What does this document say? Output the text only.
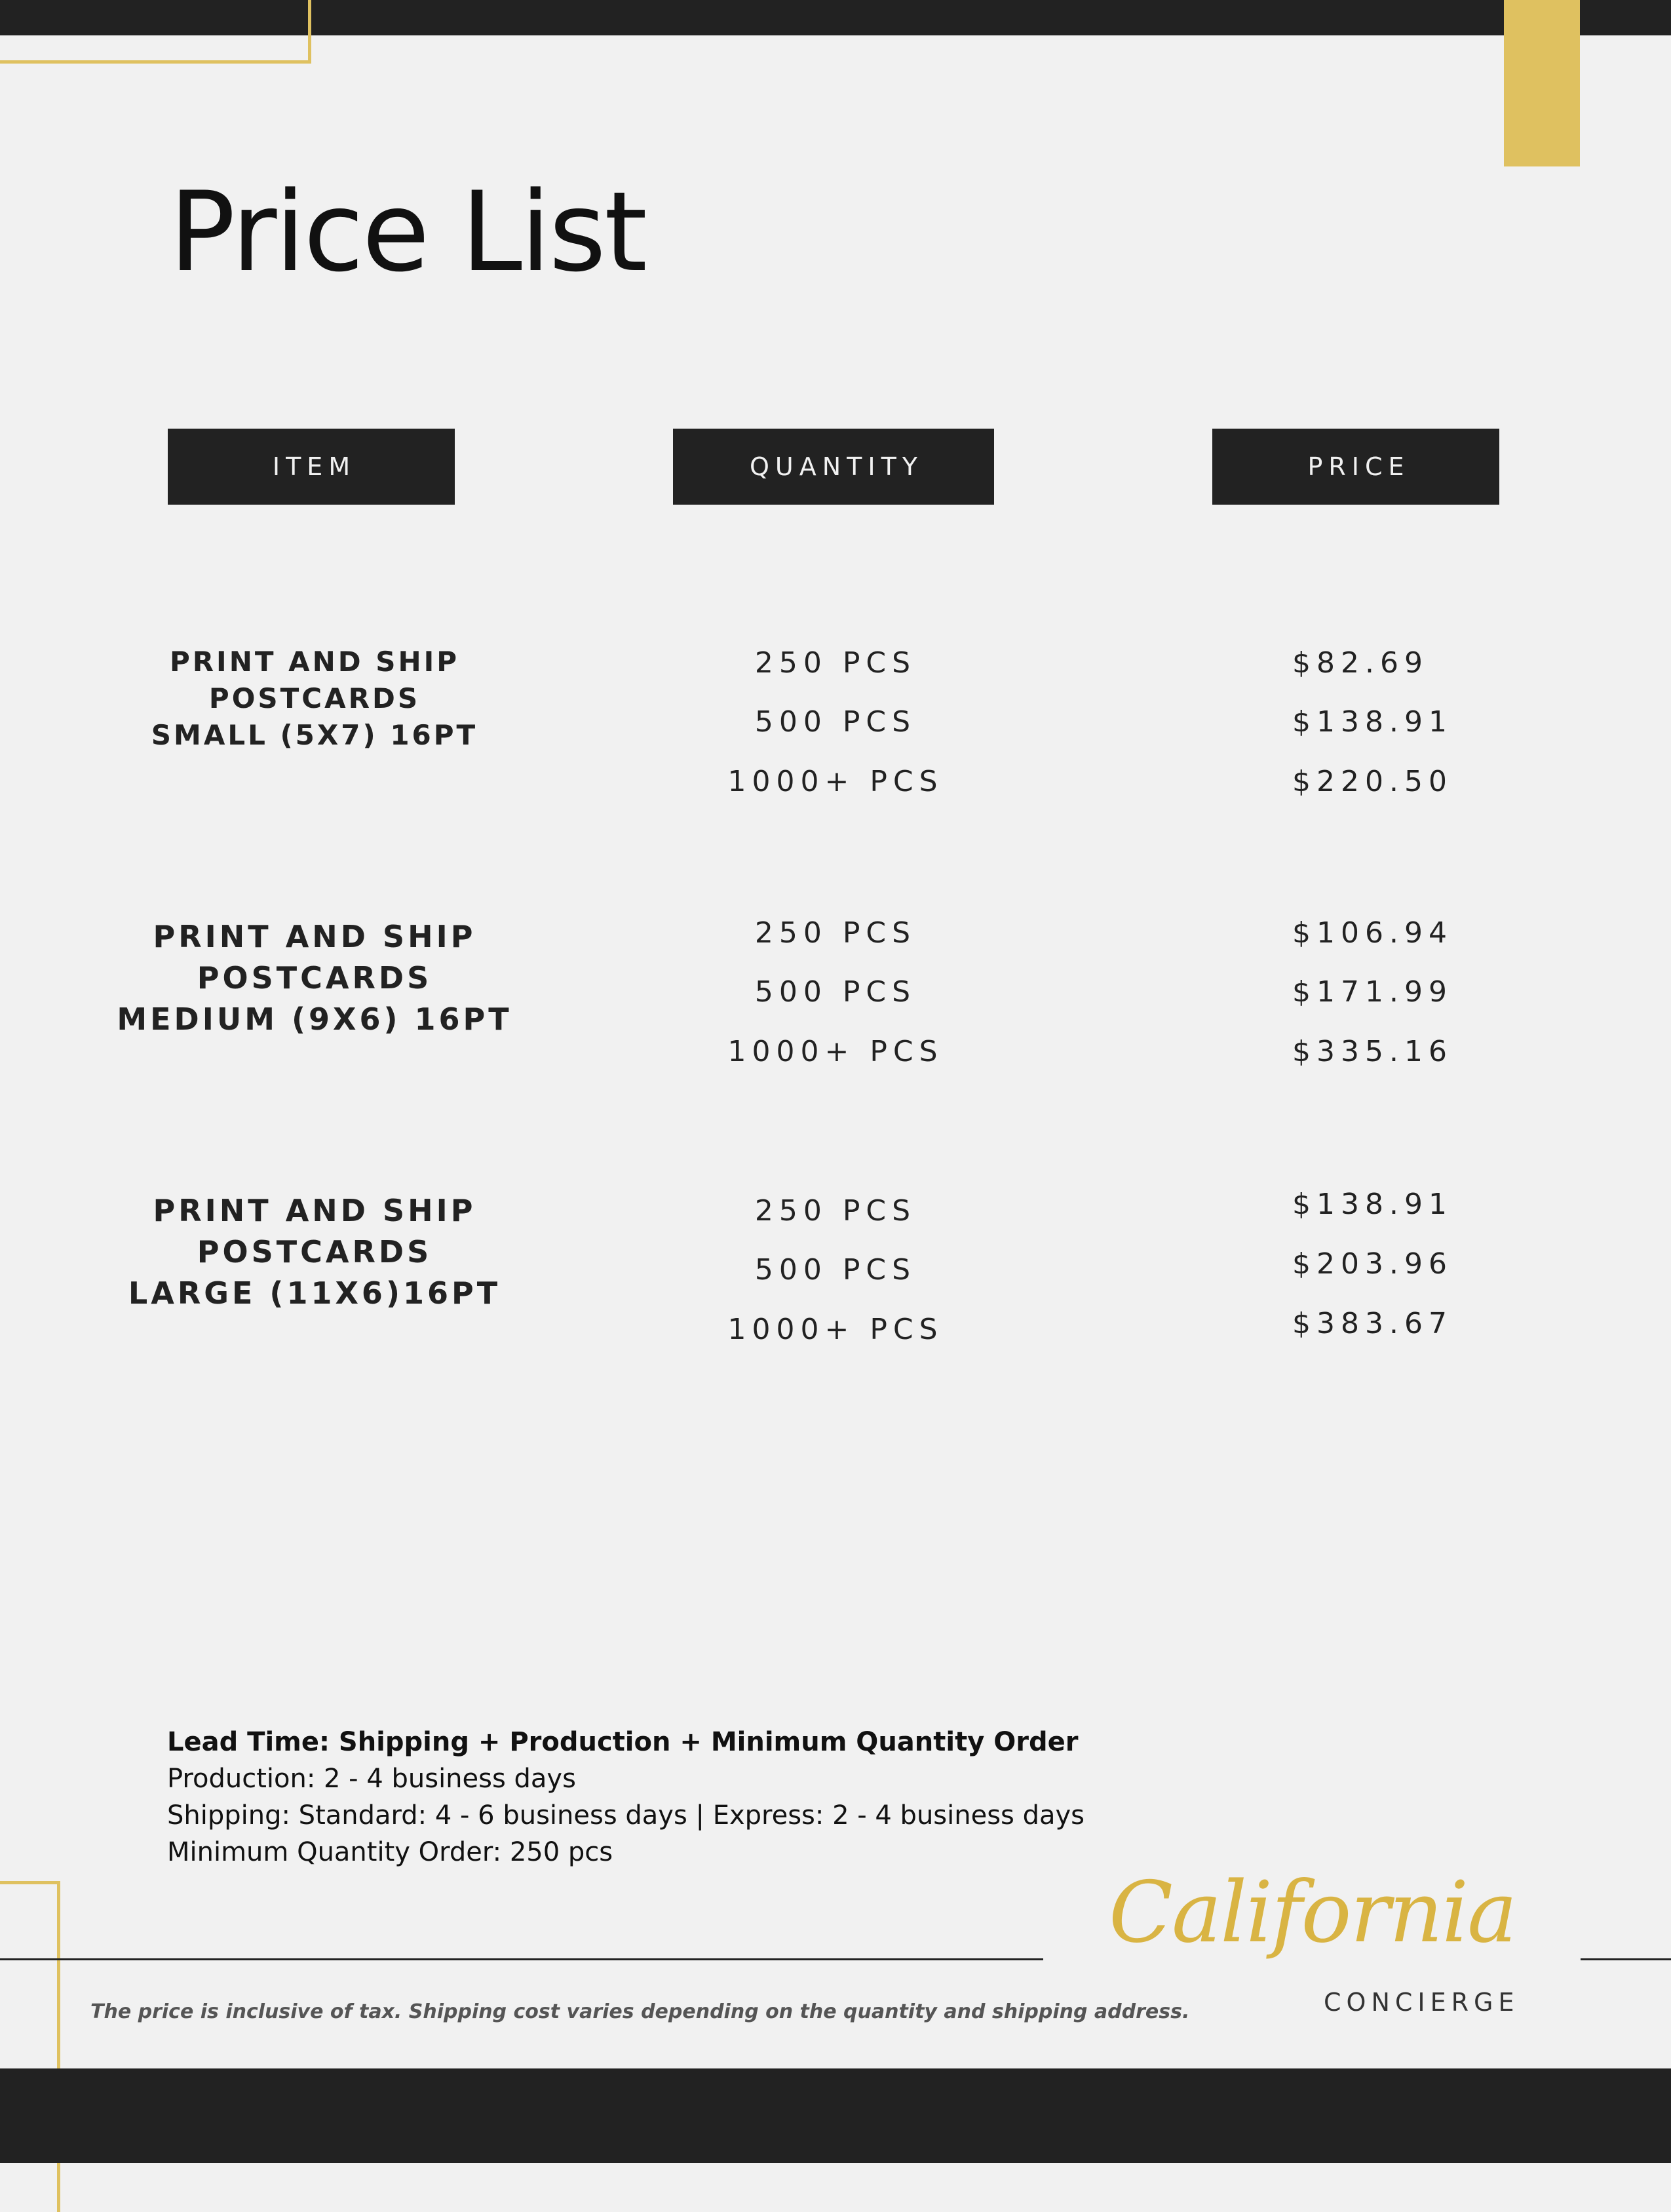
Price List
ITEM	QUANTITY	PRICE
PRINT AND SHIP
POSTCARDS
SMALL (5X7) 16PT
250 PCS
500 PCS
1000+ PCS
$82.69
$138.91
$220.50
PRINT AND SHIP
POSTCARDS
MEDIUM (9X6) 16PT
250 PCS
500 PCS
1000+ PCS
$106.94
$171.99
$335.16
PRINT AND SHIP
POSTCARDS
LARGE (11X6)16PT
250 PCS
500 PCS
1000+ PCS
$138.91
$203.96
$383.67
Lead Time: Shipping + Production + Minimum Quantity Order
Production: 2 - 4 business days
Shipping: Standard: 4 - 6 business days | Express: 2 - 4 business days
Minimum Quantity Order: 250 pcs
The price is inclusive of tax. Shipping cost varies depending on the quantity and shipping address.
California
CONCIERGE
